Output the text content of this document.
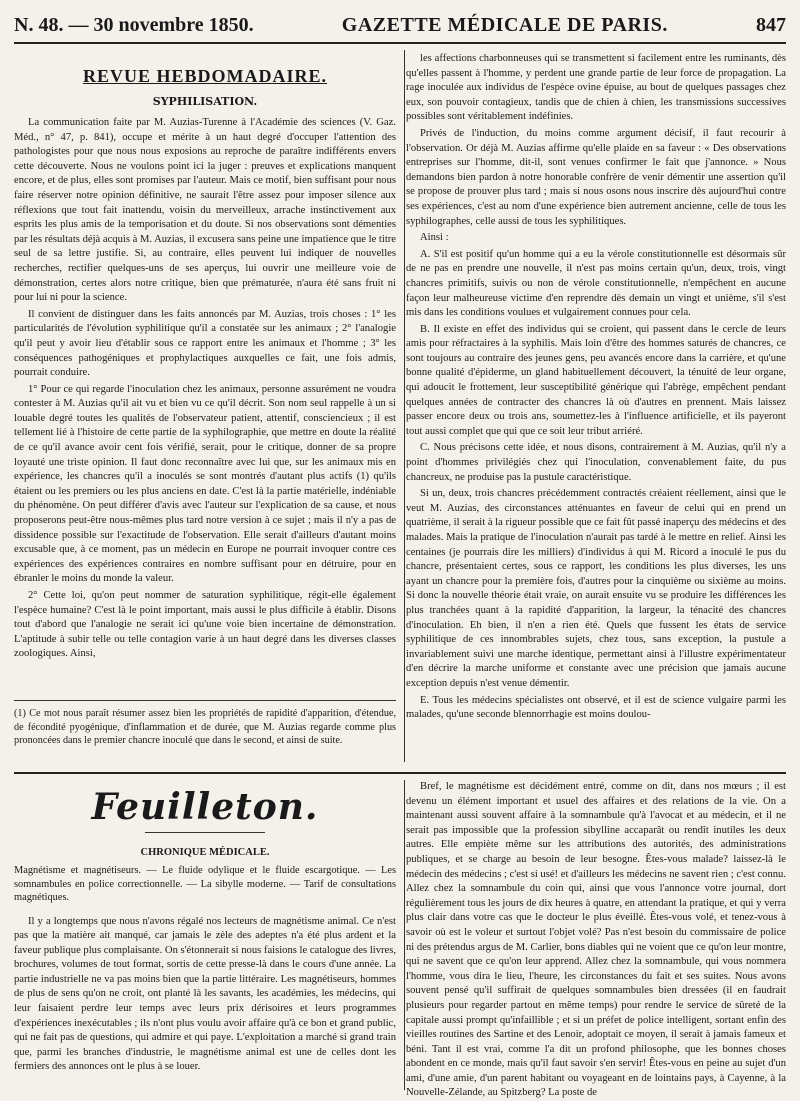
N. 48. — 30 novembre 1850.	GAZETTE MÉDICALE DE PARIS.	847
REVUE HEBDOMADAIRE.
SYPHILISATION.

La communication faite par M. Auzias-Turenne à l'Académie des sciences (V. Gaz. Méd., n° 47, p. 841), occupe et mérite à un haut degré d'occuper l'attention des pathologistes pour que nous nous exposions au reproche de paraître indifférents envers cette découverte. Nous ne voulons point ici la juger : preuves et explications manquent encore, et de plus, elles sont promises par l'auteur. Mais ce motif, bien suffisant pour nous faire réserver notre opinion définitive, ne saurait l'être assez pour imposer silence aux réflexions que tout fait inattendu, voisin du merveilleux, arrache instinctivement aux esprits les plus amis de la temporisation et du doute. Si nos observations sont démenties par les résultats déjà acquis à M. Auzias, il excusera sans peine une impatience que le titre seul de sa lettre justifie. Si, au contraire, elles peuvent lui indiquer de nouvelles recherches, rectifier quelques-uns de ses aperçus, lui ouvrir une meilleure voie de démonstration, certes alors notre critique, bien que prématurée, n'aura été sans fruit ni pour lui ni pour la science.

Il convient de distinguer dans les faits annoncés par M. Auzias, trois choses : 1° les particularités de l'évolution syphilitique qu'il a constatée sur les animaux ; 2° l'analogie qu'il peut y avoir lieu d'établir sous ce rapport entre les animaux et l'homme ; 3° les conséquences pathogéniques et prophylactiques auxquelles ce fait, une fois admis, pourrait conduire.

1° Pour ce qui regarde l'inoculation chez les animaux, personne assurément ne voudra contester à M. Auzias qu'il ait vu et bien vu ce qu'il décrit. Son nom seul rappelle à un si louable degré toutes les qualités de l'observateur patient, attentif, consciencieux ; il est tellement lié à l'histoire de cette partie de la syphilographie, que mettre en doute la réalité de ce qu'il avance avoir cent fois vérifié, serait, pour le critique, donner de sa propre loyauté une triste opinion. Il faut donc reconnaître avec lui que, sur les animaux mis en expérience, les chancres qu'il a inoculés se sont montrés d'autant plus actifs (1) qu'ils étaient ou les premiers ou les plus anciens en date. C'est là la partie matérielle, indéniable du phénomène. On peut différer d'avis avec l'auteur sur l'explication de sa cause, et nous proposerons peut-être nous-mêmes plus tard notre version à ce sujet ; mais il n'y a pas de dissidence possible sur l'exactitude de l'observation. Elle serait d'ailleurs d'autant moins excusable que, à ce moment, pas un médecin en Europe ne pourrait invoquer contre ces expériences des expériences contraires en nombre suffisant pour en détruire, pour en ébranler le moins du monde la valeur.

2° Cette loi, qu'on peut nommer de saturation syphilitique, régit-elle également l'espèce humaine? C'est là le point important, mais aussi le plus difficile à établir. Disons tout d'abord que l'analogie ne serait ici qu'une voie bien incertaine de démonstration. L'aptitude à subir telle ou telle contagion varie à un haut degré dans les diverses classes zoologiques. Ainsi,

les affections charbonneuses qui se transmettent si facilement entre les ruminants, dès qu'elles passent à l'homme, y perdent une grande partie de leur force de propagation. La rage inoculée aux individus de l'espèce ovine épuise, au bout de quelques passages chez eux, son pouvoir contagieux, tandis que de chien à chien, les transmissions successives possibles sont véritablement indéfinies.

Privés de l'induction, du moins comme argument décisif, il faut recourir à l'observation. Or déjà M. Auzias affirme qu'elle plaide en sa faveur : « Des observations entreprises sur l'homme, dit-il, sont venues confirmer le fait que j'annonce. » Nous demandons bien pardon à notre honorable confrère de venir démentir une assertion qu'il se propose de prouver plus tard ; mais si nous osons nous inscrire dès aujourd'hui contre ses expériences, c'est au nom d'une expérience bien autrement ancienne, celle de tous les syphilographes, celle aussi de tous les syphilitiques.

Ainsi :

A. S'il est positif qu'un homme qui a eu la vérole constitutionnelle est désormais sûr de ne pas en prendre une nouvelle, il n'est pas moins certain qu'un, deux, trois, vingt chancres primitifs, suivis ou non de vérole constitutionnelle, n'empêchent en aucune façon leur malheureuse victime d'en reprendre dès demain un vingt et unième, s'il s'est mis dans les conditions voulues et vulgairement connues pour cela.

B. Il existe en effet des individus qui se croient, qui passent dans le cercle de leurs amis pour réfractaires à la syphilis. Mais loin d'être des hommes saturés de chancres, ce sont toujours au contraire des jeunes gens, peu avancés encore dans la carrière, et qu'une bonne qualité d'épiderme, un gland habituellement découvert, la ténuité de leur organe, qui adoucit le frottement, leur susceptibilité générique qui l'abrège, empêchent pendant quelques années de contracter des chancres là où d'autres en prennent. Mais laissez passer encore deux ou trois ans, soumettez-les à l'influence artificielle, et ils payeront tout aussi complet que qui que ce soit leur tribut arriéré.

C. Nous précisons cette idée, et nous disons, contrairement à M. Auzias, qu'il n'y a point d'hommes privilégiés chez qui l'inoculation, convenablement faite, du pus chancreux, ne produise pas la pustule caractéristique.

Si un, deux, trois chancres précédemment contractés créaient réellement, ainsi que le veut M. Auzias, des circonstances atténuantes en faveur de celui qui en prend un quatrième, il serait à la rigueur possible que ce fait fût passé inaperçu des médecins et des malades. Mais la pratique de l'inoculation n'aurait pas tardé à le mettre en relief. Ainsi les centaines (je pourrais dire les milliers) d'individus à qui M. Ricord a inoculé le pus du chancre, présentaient certes, sous ce rapport, les conditions les plus diverses, les uns ayant un chancre pour la première fois, d'autres pour la cinquième ou sixième au moins. Si donc la nouvelle théorie était vraie, on aurait ensuite vu se produire les différences les plus tranchées quant à la rapidité d'apparition, la largeur, la ténacité des chancres d'inoculation. Eh bien, il n'en a rien été. Quels que fussent les états de service syphilitique de ces innombrables sujets, chez tous, sans exception, la pustule a invariablement suivi une marche identique, permettant ainsi à l'illustre expérimentateur d'en décrire la marche uniforme et constante avec une précision que jamais aucune exception depuis n'est venue démentir.

E. Tous les médecins spécialistes ont observé, et il est de science vulgaire parmi les malades, qu'une seconde blennorrhagie est moins doulou-

(1) Ce mot nous paraît résumer assez bien les propriétés de rapidité d'apparition, d'étendue, de fécondité pyogénique, d'inflammation et de durée, que M. Auzias regarde comme plus prononcées dans le premier chancre inoculé que dans le second, et ainsi de suite.
Feuilleton.
CHRONIQUE MÉDICALE.
Magnétisme et magnétiseurs. — Le fluide odylique et le fluide escargotique. — Les somnambules en police correctionnelle. — La sibylle moderne. — Tarif de consultations magnétiques.

Il y a longtemps que nous n'avons régalé nos lecteurs de magnétisme animal. Ce n'est pas que la matière ait manqué, car jamais le zèle des adeptes n'a été plus ardent et la faveur publique plus complaisante. On s'étonnerait si nous faisions le catalogue des livres, brochures, volumes de tout format, sortis de cette presse-là dans le cours d'une année. La partie industrielle ne va pas moins bien que la partie littéraire. Les magnétiseurs, hommes de plus de sens qu'on ne croit, ont planté là les savants, les académies, les médecins, qui leur faisaient perdre leur temps avec leurs prix dérisoires et leurs programmes d'expériences inexécutables ; ils n'ont plus voulu avoir affaire qu'à ce bon et grand public, qui ne fait pas de questions, qui admire et qui paye. L'exploitation a marché si grand train que, parmi les branches d'industrie, le magnétisme animal est une de celles dont les fermiers des annonces ont le plus à se louer.

Bref, le magnétisme est décidément entré, comme on dit, dans nos mœurs ; il est devenu un élément important et usuel des affaires et des relations de la vie. On a maintenant aussi souvent affaire à la somnambule qu'à l'avocat et au médecin, et il ne serait pas impossible que la profession sibylline accaparât ou rendît inutiles les deux autres. Elle empiète même sur les attributions des autorités, des administrations publiques, et se charge au besoin de leur besogne. Êtes-vous malade? laissez-là le médecin des médecins ; c'est si usé! et d'ailleurs les médecins ne savent rien ; c'est connu. Allez chez la somnambule du coin qui, ainsi que vous l'annonce votre journal, dort régulièrement tous les jours de dix heures à quatre, en attendant la pratique, et qui y verra plus clair dans votre cas que le docteur le plus éveillé. Êtes-vous volé, et tenez-vous à savoir où est le voleur et surtout l'objet volé? Pas n'est besoin du commissaire de police ni des prétendus argus de M. Carlier, bons diables qui ne voient que ce qu'on leur montre, qui ne savent que ce qu'on leur apprend. Allez chez la somnambule, qui vous nommera l'homme, vous dira le lieu, l'heure, les circonstances du fait et ses suites. Nous avons souvent pensé qu'il suffirait de quelques somnambules bien dressées (il en faudrait plusieurs pour regarder partout en même temps) pour rendre le service de sûreté de la capitale aussi prompt qu'infaillible ; et si un préfet de police intelligent, sortant enfin des vieilles routines des Sartine et des Lenoir, adoptait ce moyen, il serait à jamais fameux et béni. Tant il est vrai, comme l'a dit un profond philosophe, que les bonnes choses abondent en ce monde, mais qu'il faut savoir s'en servir! Êtes-vous en peine au sujet d'un ami, d'une amie, d'un parent habitant ou voyageant en de lointains pays, à Cayenne, à la Nouvelle-Zélande, au Spitzberg? La poste de
